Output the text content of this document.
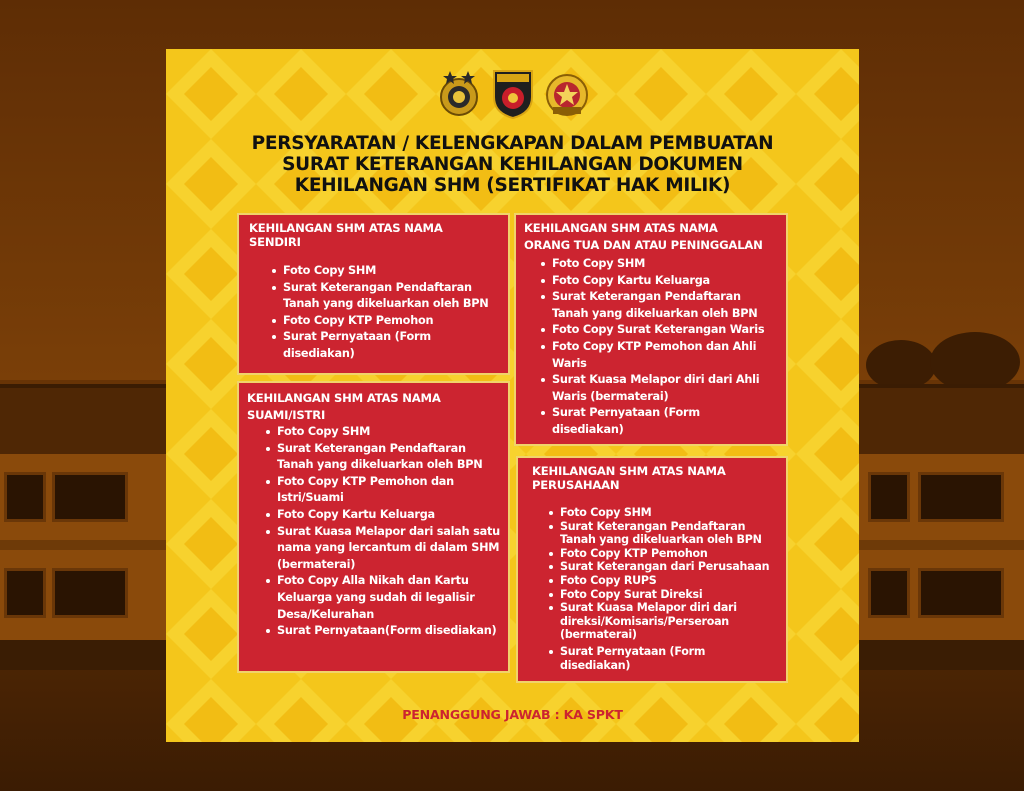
PERSYARATAN / KELENGKAPAN DALAM PEMBUATAN
SURAT KETERANGAN KEHILANGAN DOKUMEN
KEHILANGAN SHM (SERTIFIKAT HAK MILIK)
KEHILANGAN SHM ATAS NAMA
SENDIRI
Foto Copy SHM
Surat Keterangan Pendaftaran
Tanah yang dikeluarkan oleh BPN
Foto Copy KTP Pemohon
Surat Pernyataan (Form
disediakan)
KEHILANGAN SHM ATAS NAMA
ORANG TUA DAN ATAU PENINGGALAN
Foto Copy SHM
Foto Copy Kartu Keluarga
Surat Keterangan Pendaftaran
Tanah yang dikeluarkan oleh BPN
Foto Copy Surat Keterangan Waris
Foto Copy KTP Pemohon dan Ahli
Waris
Surat Kuasa Melapor diri dari Ahli
Waris (bermaterai)
Surat Pernyataan (Form
disediakan)
KEHILANGAN SHM ATAS NAMA
SUAMI/ISTRI
Foto Copy SHM
Surat Keterangan Pendaftaran
Tanah yang dikeluarkan oleh BPN
Foto Copy KTP Pemohon dan
Istri/Suami
Foto Copy Kartu Keluarga
Surat Kuasa Melapor dari salah satu
nama yang lercantum di dalam SHM
(bermaterai)
Foto Copy Alla Nikah dan Kartu
Keluarga yang sudah di legalisir
Desa/Kelurahan
Surat Pernyataan(Form disediakan)
KEHILANGAN SHM ATAS NAMA
PERUSAHAAN
Foto Copy SHM
Surat Keterangan Pendaftaran
Tanah yang dikeluarkan oleh BPN
Foto Copy KTP Pemohon
Surat Keterangan dari Perusahaan
Foto Copy RUPS
Foto Copy Surat Direksi
Surat Kuasa Melapor diri dari
direksi/Komisaris/Perseroan
(bermaterai)
Surat Pernyataan (Form
disediakan)
PENANGGUNG JAWAB : KA SPKT
